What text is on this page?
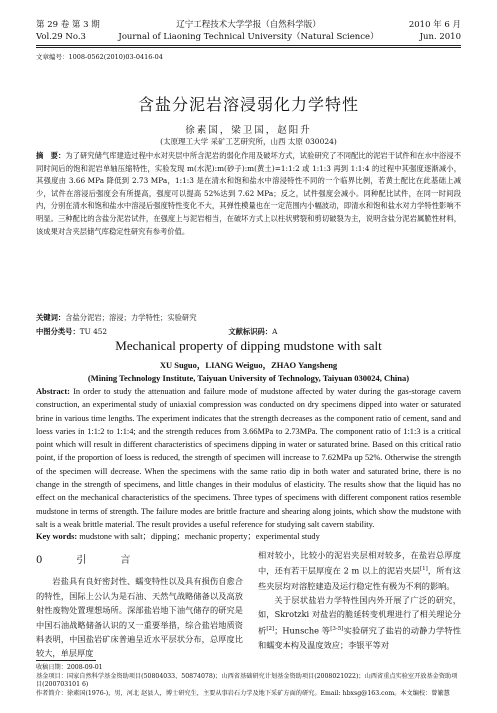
第 29 卷 第 3 期	辽宁工程技术大学学报（自然科学版）	2010 年 6 月
Vol.29 No.3	Journal of Liaoning Technical University（Natural Science）	Jun. 2010
文章编号：1008-0562(2010)03-0416-04
含盐分泥岩溶浸弱化力学特性
徐素国，梁卫国，赵阳升
(太原理工大学 采矿工艺研究所，山西 太原 030024)
摘　要：为了研究储气库建造过程中水对夹层中所含泥岩的弱化作用及破坏方式，试验研究了不同配比的泥岩干试件和在水中浴浸不同时间后的饱和泥岩单轴压缩特性，实验发现 m(水泥):m(砂子):m(黄土)=1:1:2 或 1:1:3 再到 1:1:4 的过程中其强度逐渐减小，其强度由 3.66 MPa 降低到 2.73 MPa，1:1:3 是在清水和饱和盐水中溶浸特性不同的一个临界比例，若黄土配比在此基础上减少，试件在溶浸后强度会有所提高，强度可以提高 52%达到 7.62 MPa；反之，试件强度会减小。同种配比试件，在同一时间段内，分别在清水和饱和盐水中溶浸后强度特性变化不大，其弹性模量也在一定范围内小幅波动，即清水和饱和盐水对力学特性影响不明显。三种配比的含盐分泥岩试件，在强度上与泥岩相当，在破坏方式上以柱状劈裂和剪切破裂为主，说明含盐分泥岩属脆性材料，该成果对含夹层储气库稳定性研究有参考价值。
关键词：含盐分泥岩；溶浸；力学特性；实验研究
中图分类号：TU 452	文献标识码：A
Mechanical property of dipping mudstone with salt
XU Suguo，LIANG Weiguo，ZHAO Yangsheng
(Mining Technology Institute, Taiyuan University of Technology, Taiyuan 030024, China)
Abstract: In order to study the attenuation and failure mode of mudstone affected by water during the gas-storage cavern construction, an experimental study of uniaxial compression was conducted on dry specimens dipped into water or saturated brine in various time lengths. The experiment indicates that the strength decreases as the component ratio of cement, sand and loess varies in 1:1:2 to 1:1:4; and the strength reduces from 3.66MPa to 2.73MPa. The component ratio of 1:1:3 is a critical point which will result in different characteristics of specimens dipping in water or saturated brine. Based on this critical ratio point, if the proportion of loess is reduced, the strength of specimen will increase to 7.62MPa up 52%. Otherwise the strength of the specimen will decrease. When the specimens with the same ratio dip in both water and saturated brine, there is no change in the strength of specimens, and little changes in their modulus of elasticity. The results show that the liquid has no effect on the mechanical characteristics of the specimens. Three types of specimens with different component ratios resemble mudstone in terms of strength. The failure modes are brittle fracture and shearing along joints, which show the mudstone with salt is a weak brittle material. The result provides a useful reference for studying salt cavern stability.
Key words: mudstone with salt；dipping；mechanic property；experimental study
0　引　言
岩盐具有良好密封性、蠕变特性以及具有损伤自愈合的特性，国际上公认为是石油、天然气战略储备以及高放射性废物处置理想场所。深部盐岩地下油气储存的研究是中国石油战略储备认识的又一重要举措，综合盐岩地质资料表明，中国盐岩矿床普遍呈近水平层状分布，总厚度比较大，单层厚度
相对较小，比较小的泥岩夹层相对较多，在盐岩总厚度中，还有若干层厚度在 2 m 以上的泥岩夹层[1]，所有这些夹层均对溶腔建造及运行稳定性有极为不利的影响。
关于层状盐岩力学特性国内外开展了广泛的研究，如，Skrotzki 对盐岩的脆延转变机理进行了相关理论分析[2]；Hunsche 等[3-5]实验研究了盐岩的动静力学特性和蠕变本构及温度效应；李银平等对
收稿日期：2008-09-01
基金项目：国家自然科学基金资助项目(50804033、50874078)；山西省基础研究计划基金资助项目(2008021022)；山西省重点实验室开放基金资助项目(200703101 6)
作者简介：徐素国(1976-)，男，河北 赵县人，博士研究生，主要从事岩石力学及地下采矿方面的研究。Email: hbxsg@163.com。本文编校：曾繁慧
